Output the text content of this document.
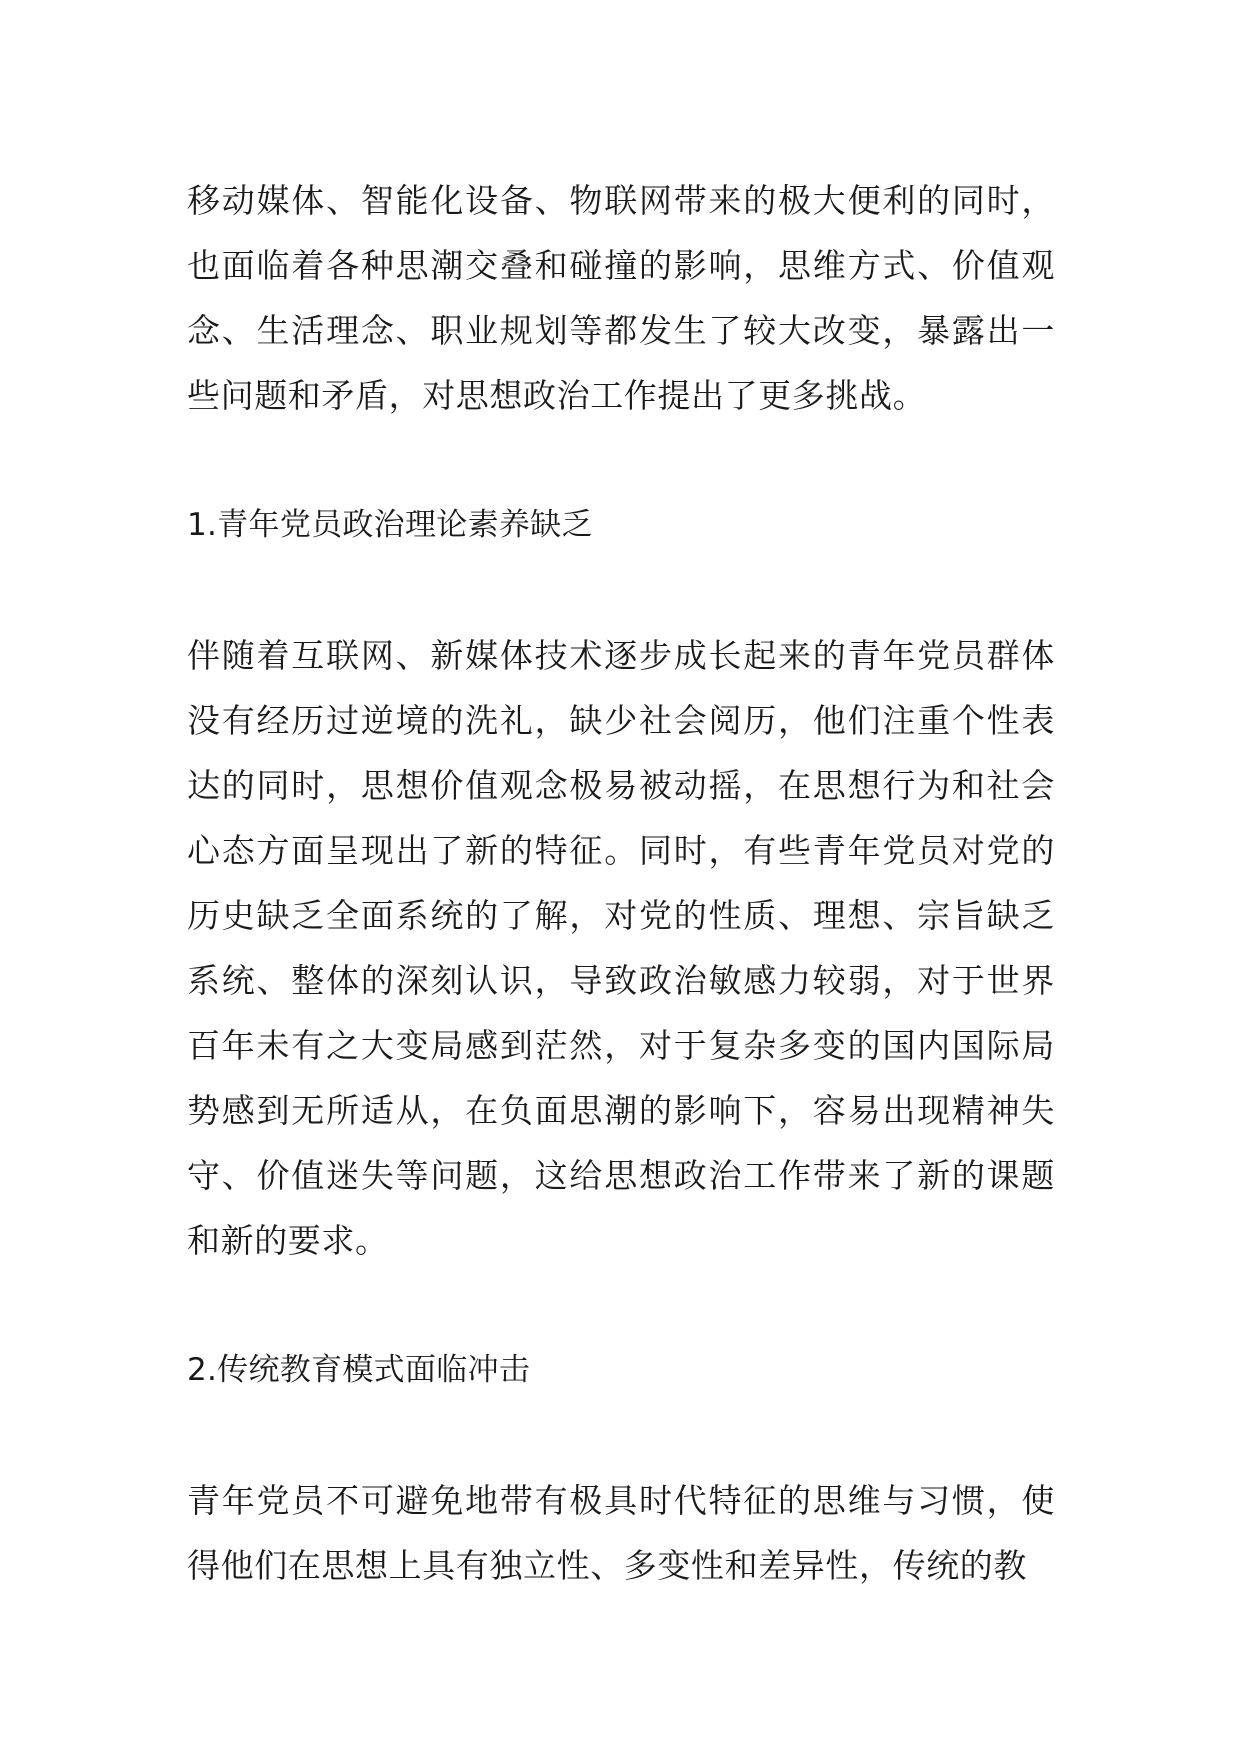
移动媒体、智能化设备、物联网带来的极大便利的同时，也面临着各种思潮交叠和碰撞的影响，思维方式、价值观念、生活理念、职业规划等都发生了较大改变，暴露出一些问题和矛盾，对思想政治工作提出了更多挑战。

1.青年党员政治理论素养缺乏

伴随着互联网、新媒体技术逐步成长起来的青年党员群体没有经历过逆境的洗礼，缺少社会阅历，他们注重个性表达的同时，思想价值观念极易被动摇，在思想行为和社会心态方面呈现出了新的特征。同时，有些青年党员对党的历史缺乏全面系统的了解，对党的性质、理想、宗旨缺乏系统、整体的深刻认识，导致政治敏感力较弱，对于世界百年未有之大变局感到茫然，对于复杂多变的国内国际局势感到无所适从，在负面思潮的影响下，容易出现精神失守、价值迷失等问题，这给思想政治工作带来了新的课题和新的要求。

2.传统教育模式面临冲击

青年党员不可避免地带有极具时代特征的思维与习惯，使得他们在思想上具有独立性、多变性和差异性，传统的教
